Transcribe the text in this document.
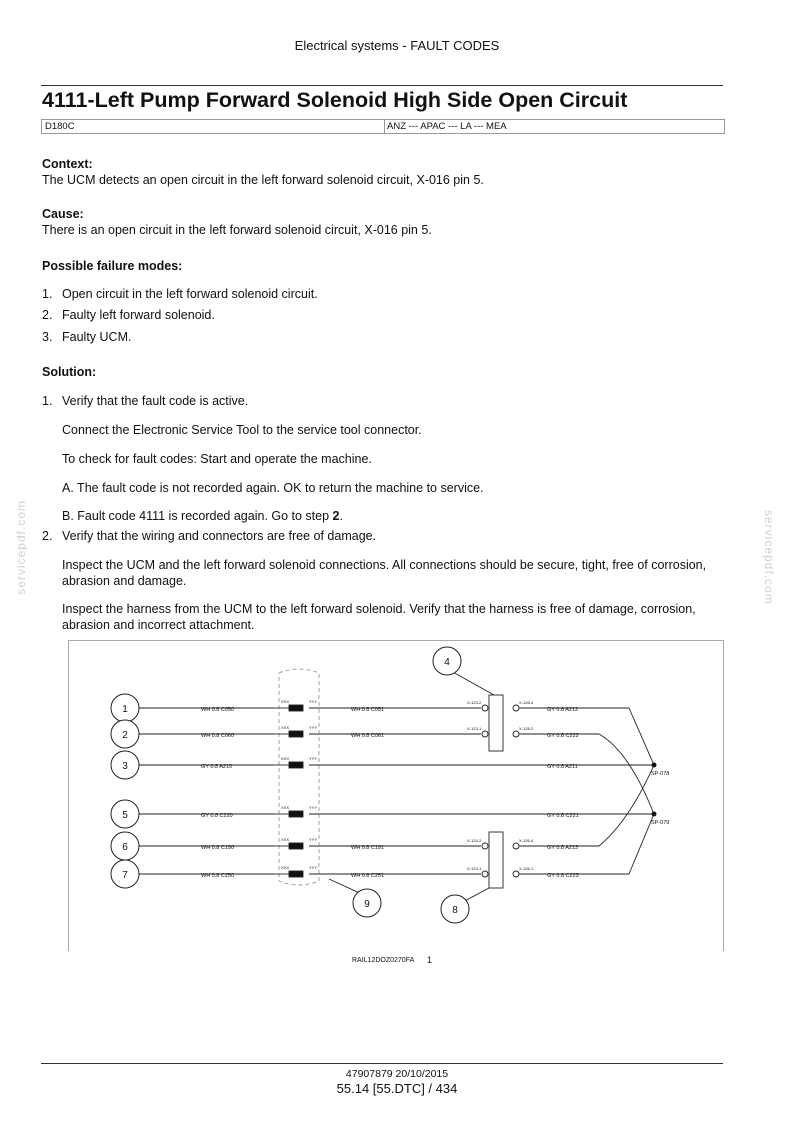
Electrical systems - FAULT CODES
4111-Left Pump Forward Solenoid High Side Open Circuit
D180C	ANZ --- APAC --- LA --- MEA
Context:
The UCM detects an open circuit in the left forward solenoid circuit, X-016 pin 5.
Cause:
There is an open circuit in the left forward solenoid circuit, X-016 pin 5.
Possible failure modes:
1. Open circuit in the left forward solenoid circuit.
2. Faulty left forward solenoid.
3. Faulty UCM.
Solution:
1. Verify that the fault code is active.
Connect the Electronic Service Tool to the service tool connector.
To check for fault codes: Start and operate the machine.
A. The fault code is not recorded again. OK to return the machine to service.
B. Fault code 4111 is recorded again. Go to step 2.
2. Verify that the wiring and connectors are free of damage.
Inspect the UCM and the left forward solenoid connections. All connections should be secure, tight, free of corrosion, abrasion and damage.
Inspect the harness from the UCM to the left forward solenoid. Verify that the harness is free of damage, corrosion, abrasion and incorrect attachment.
servicepdf.com	servicepdf.com
1
2
3
5
6
7
4
9
8
WH 0.8 C050
WH 0.8 C060
GY 0.8 A210
GY 0.8 C220
WH 0.8 C190
WH 0.8 C250
WH 0.8 C051
WH 0.8 C061
WH 0.8 C191
WH 0.8 C251
GY 0.8 A212
GY 0.8 C222
GY 0.8 A211
GY 0.8 C221
GY 0.8 A213
GY 0.8 C223
SP-078
SP-079
X-123-2
X-123-1
X-124-2
X-124-1
X-128-4
X-128-2
X-126-4
X-126-1
XXX	YYY
XXX	YYY
XXX	YYY
XXX	YYY
XXX	YYY
XXX	YYY
RAIL12DOZ0270FA 1
47907879 20/10/2015
55.14 [55.DTC] / 434
